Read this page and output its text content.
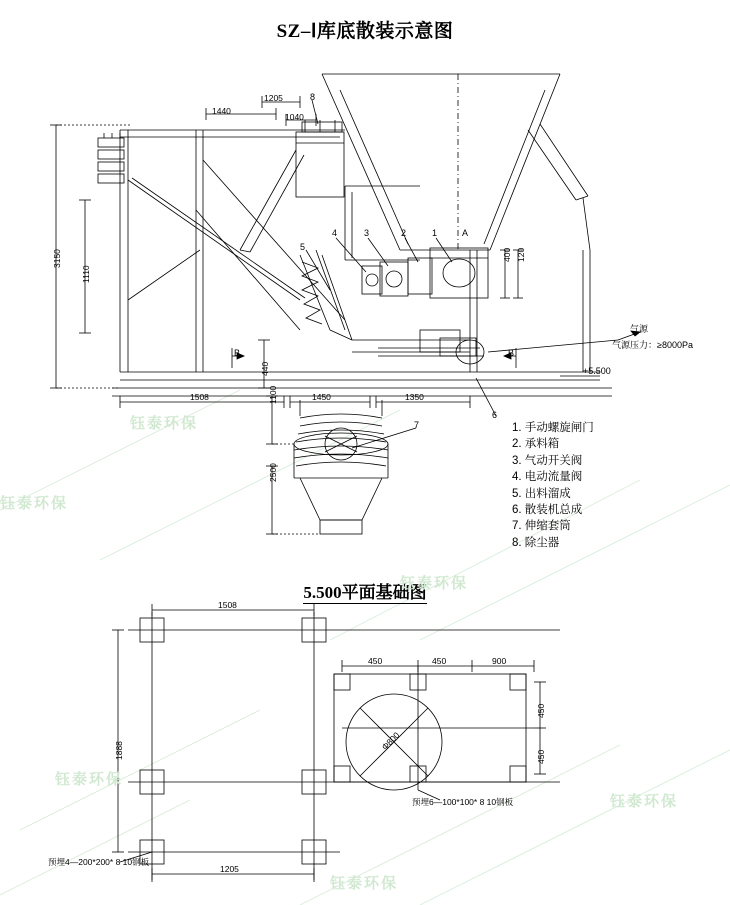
SZ–Ⅰ库底散装示意图
5.500平面基础图
1. 手动螺旋闸门
2. 承料箱
3. 气动开关阀
4. 电动流量阀
5. 出料溜成
6. 散装机总成
7. 伸缩套筒
8. 除尘器
3150
1110
1440
1205
1040
440
1508	1450	1350
1100
2500
400 120
+5.500
8
1
2
3
4
5
6
7
A
B	B
气源
气源压力：≥8000Pa
1508
1888
1205
450	450	900
450
450
Φ800
预埋4—200*200* 8 10钢板
预埋6—100*100* 8 10钢板
钰泰环保
钰泰环保
钰泰环保
钰泰环保
钰泰环保
钰泰环保
